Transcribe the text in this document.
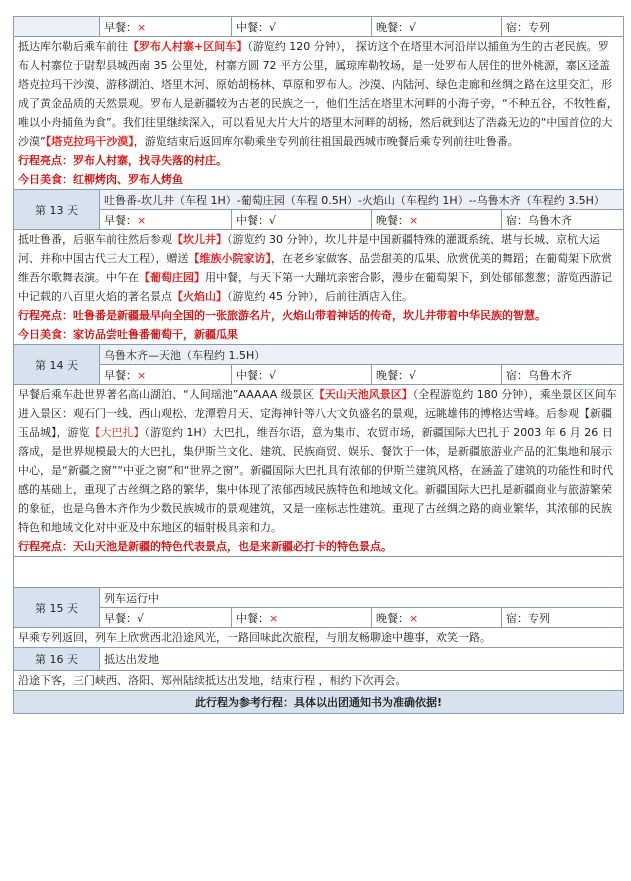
	早餐：×	中餐：√	晚餐：√	宿：专列

抵达库尔勒后乘车前往【罗布人村寨+区间车】（游览约 120 分钟）， 探访这个在塔里木河沿岸以捕鱼为生的古老民族。罗布人村寨位于尉犁县城西南 35 公里处，村寨方圆 72 平方公里，属琼库勒牧场，是一处罗布人居住的世外桃源，寨区迳盖塔克拉玛干沙漠、游移湖泊、塔里木河、原始胡杨林、草原和罗布人。沙漠、内陆河、绿色走廊和丝绸之路在这里交汇，形成了黄金品质的天然景观。罗布人是新疆较为古老的民族之一，他们生活在塔里木河畔的小海子旁，“不种五谷，不牧牲畜，唯以小舟捕鱼为食”。我们往里继续深入，可以看见大片大片的塔里木河畔的胡杨，然后就到达了浩淼无边的“中国首位的大沙漠”【塔克拉玛干沙漠】，游览结束后返回库尔勒乘坐专列前往祖国最西城市晚餐后乘专列前往吐鲁番。

行程亮点：罗布人村寨，找寻失落的村庄。

今日美食：红柳烤肉、罗布人烤鱼				

第 13 天	吐鲁番-坎儿井（车程 1H）-葡萄庄园（车程 0.5H）-火焰山（车程约 1H）--乌鲁木齐（车程约 3.5H）			
	早餐：×	中餐：√	晚餐：×	宿：乌鲁木齐

抵吐鲁番，后驱车前往然后参观【坎儿井】（游览约 30 分钟），坎儿井是中国新疆特殊的灌溉系统、堪与长城、京杭大运河、并称中国古代三大工程），赠送【维族小院家访】，在老乡家做客、品尝甜美的瓜果、欣赏优美的舞蹈；在葡萄架下欣赏维吾尔歌舞表演。中午在【葡萄庄园】用中餐，与天下第一大蹦坑亲密合影，漫步在葡萄架下，到处郁郁葱葱；游览西游记中记载的八百里火焰的著名景点【火焰山】（游览约 45 分钟），后前往酒店入住。

行程亮点：吐鲁番是新疆最早向全国的一张旅游名片，火焰山带着神话的传奇，坎儿井带着中华民族的智慧。

今日美食：家访品尝吐鲁番葡萄干，新疆瓜果				

第 14 天	乌鲁木齐—天池（车程约 1.5H）			
	早餐：×	中餐：√	晚餐：√	宿：乌鲁木齐

早餐后乘车赴世界著名高山湖泊、“人间瑶池”AAAAA 级景区【天山天池风景区】（全程游览约 180 分钟），乘坐景区区间车进入景区：观石门一线、西山观松、龙潭碧月天、定海神针等八大文负盛名的景观，远眺雄伟的博格达雪峰。后参观【新疆玉品城】，游览【大巴扎】（游览约 1H）大巴扎，维吾尔语，意为集市、农贸市场，新疆国际大巴扎于 2003 年 6 月 26 日落成，是世界规模最大的大巴扎，集伊斯兰文化、建筑、民族商贸、娱乐、餐饮于一体，是新疆旅游业产品的汇集地和展示中心，是“新疆之窗”“中亚之窗”和“世界之窗”。新疆国际大巴扎具有浓郁的伊斯兰建筑风格，在涵盖了建筑的功能性和时代感的基础上，重现了古丝绸之路的繁华，集中体现了浓郁西域民族特色和地域文化。新疆国际大巴扎是新疆商业与旅游繁荣的象征，也是乌鲁木齐作为少数民族城市的景观建筑，又是一座标志性建筑。重现了古丝绸之路的商业繁华，其浓郁的民族特色和地域文化对中亚及中东地区的辐射极具亲和力。

行程亮点：天山天池是新疆的特色代表景点，也是来新疆必打卡的特色景点。				

第 15 天	列车运行中			
	早餐：√	中餐：×	晚餐：×	宿：专列
早乘专列返回，列车上欣赏西北沿途风光，一路回味此次旅程，与朋友畅聊途中趣事，欢笑一路。				
第 16 天	抵达出发地			
沿途下客，三门峡西、洛阳、郑州陆续抵达出发地，结束行程 ，相约下次再会。				
此行程为参考行程：具体以出团通知书为准确依据!				
